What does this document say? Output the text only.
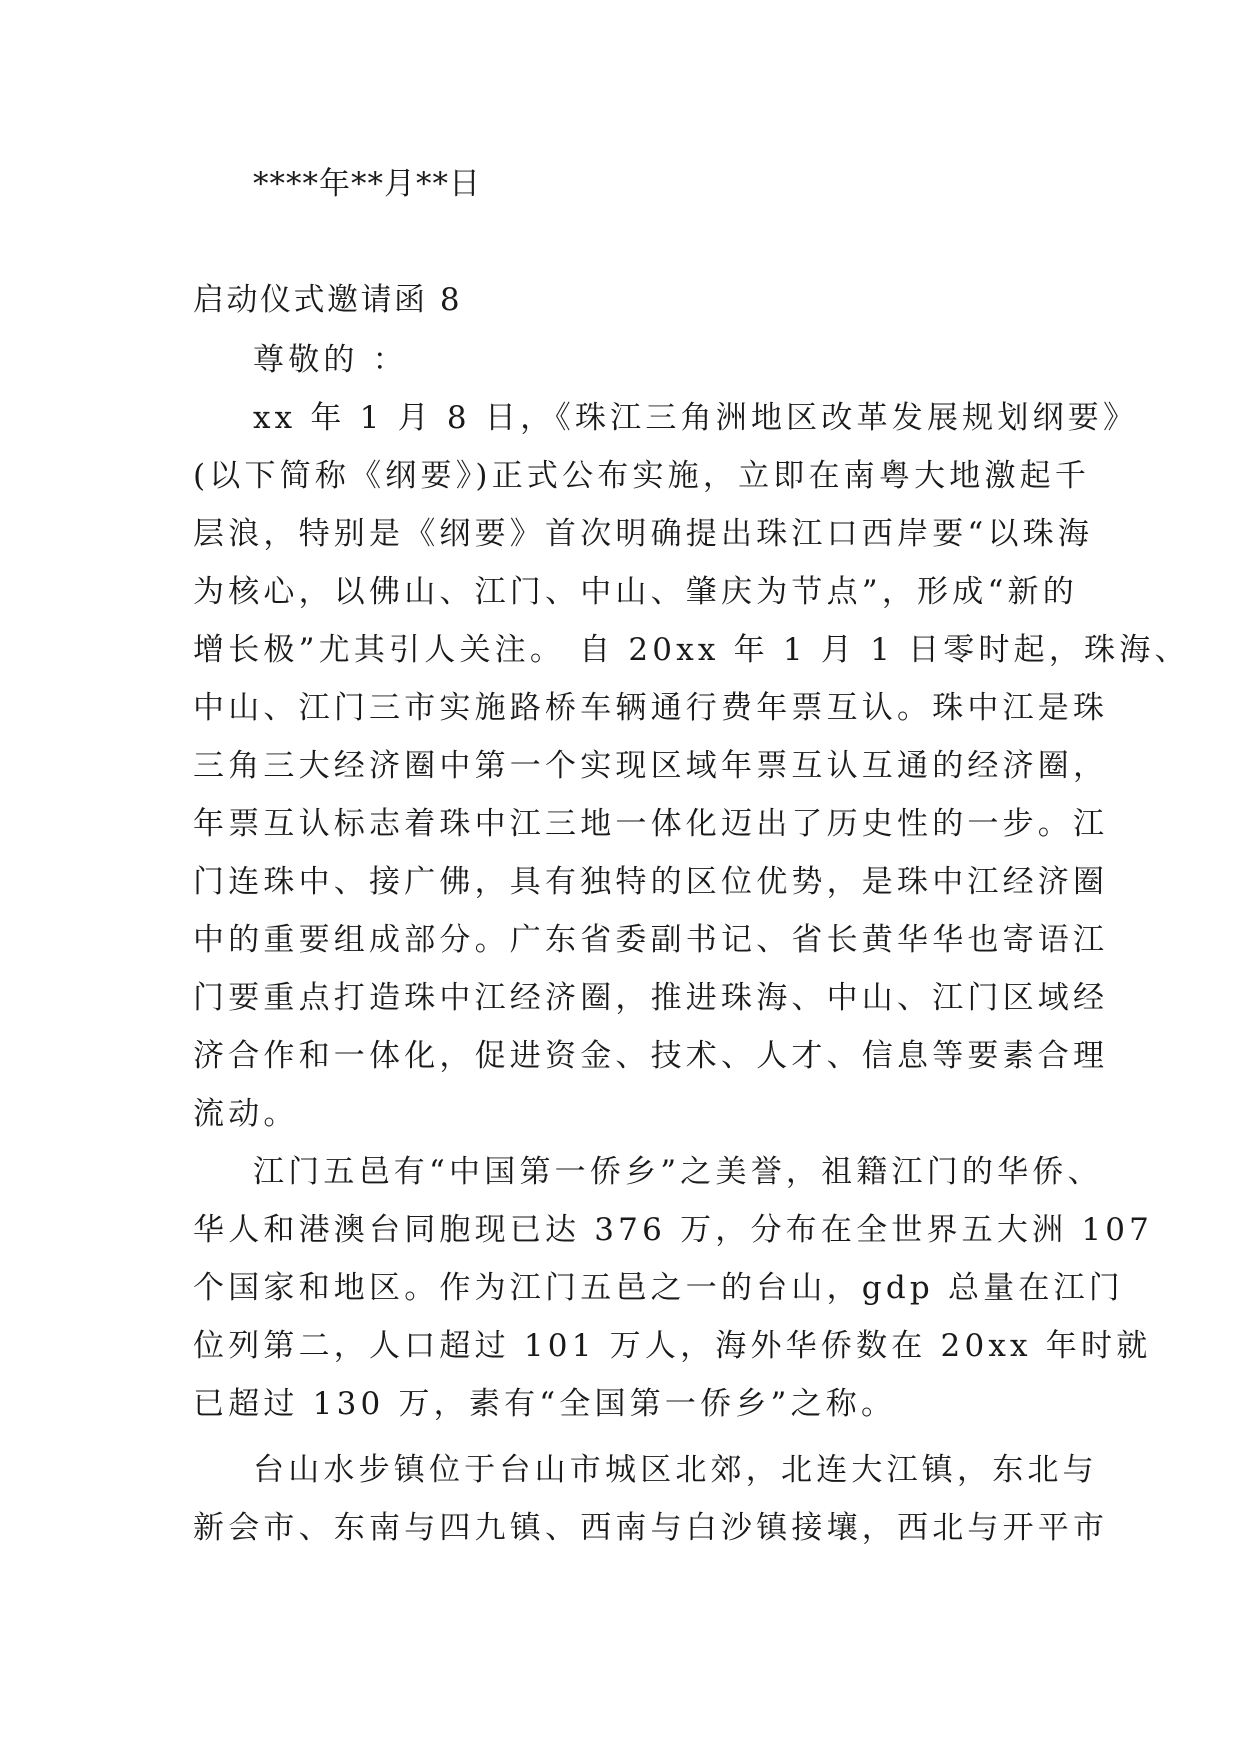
****年**月**日
启动仪式邀请函 8
尊敬的 ：
xx 年 1 月 8 日，《珠江三角洲地区改革发展规划纲要》
(以下简称《纲要》)正式公布实施，立即在南粤大地激起千
层浪，特别是《纲要》首次明确提出珠江口西岸要“以珠海
为核心，以佛山、江门、中山、肇庆为节点”，形成“新的
增长极”尤其引人关注。 自 20xx 年 1 月 1 日零时起，珠海、
中山、江门三市实施路桥车辆通行费年票互认。珠中江是珠
三角三大经济圈中第一个实现区域年票互认互通的经济圈，
年票互认标志着珠中江三地一体化迈出了历史性的一步。江
门连珠中、接广佛，具有独特的区位优势，是珠中江经济圈
中的重要组成部分。广东省委副书记、省长黄华华也寄语江
门要重点打造珠中江经济圈，推进珠海、中山、江门区域经
济合作和一体化，促进资金、技术、人才、信息等要素合理
流动。
江门五邑有“中国第一侨乡”之美誉，祖籍江门的华侨、
华人和港澳台同胞现已达 376 万，分布在全世界五大洲 107
个国家和地区。作为江门五邑之一的台山，gdp 总量在江门
位列第二，人口超过 101 万人，海外华侨数在 20xx 年时就
已超过 130 万，素有“全国第一侨乡”之称。
台山水步镇位于台山市城区北郊，北连大江镇，东北与
新会市、东南与四九镇、西南与白沙镇接壤，西北与开平市
